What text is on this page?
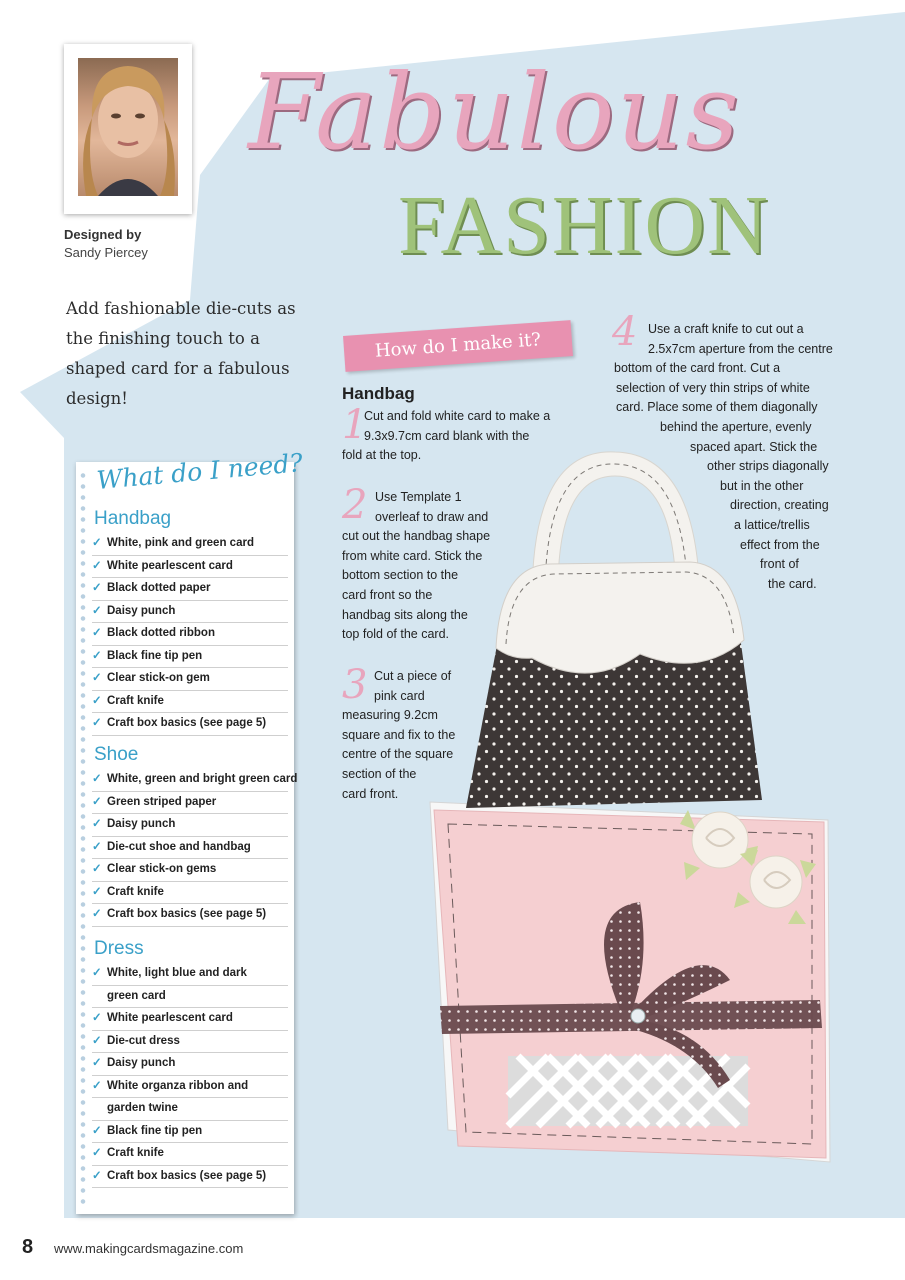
Designed by
Sandy Piercey
Fabulous
FASHION
Add fashionable die-cuts as the finishing touch to a shaped card for a fabulous design!
What do I need?
Handbag
✓ White, pink and green card
✓ White pearlescent card
✓ Black dotted paper
✓ Daisy punch
✓ Black dotted ribbon
✓ Black fine tip pen
✓ Clear stick-on gem
✓ Craft knife
✓ Craft box basics (see page 5)
Shoe
✓ White, green and bright green card
✓ Green striped paper
✓ Daisy punch
✓ Die-cut shoe and handbag
✓ Clear stick-on gems
✓ Craft knife
✓ Craft box basics (see page 5)
Dress
✓ White, light blue and dark
green card
✓ White pearlescent card
✓ Die-cut dress
✓ Daisy punch
✓ White organza ribbon and
garden twine
✓ Black fine tip pen
✓ Craft knife
✓ Craft box basics (see page 5)
How do I make it?
Handbag
1
Cut and fold white card to make a
9.3x9.7cm card blank with the
fold at the top.
2 Use Template 1
overleaf to draw and
cut out the handbag shape
from white card. Stick the
bottom section to the
card front so the
handbag sits along the
top fold of the card.
3 Cut a piece of
pink card
measuring 9.2cm
square and fix to the
centre of the square
section of the
card front.
4 Use a craft knife to cut out a
2.5x7cm aperture from the centre
bottom of the card front. Cut a
selection of very thin strips of white
card. Place some of them diagonally
behind the aperture, evenly
spaced apart. Stick the
other strips diagonally
but in the other
direction, creating
a lattice/trellis
effect from the
front of
the card.
8 www.makingcardsmagazine.com
